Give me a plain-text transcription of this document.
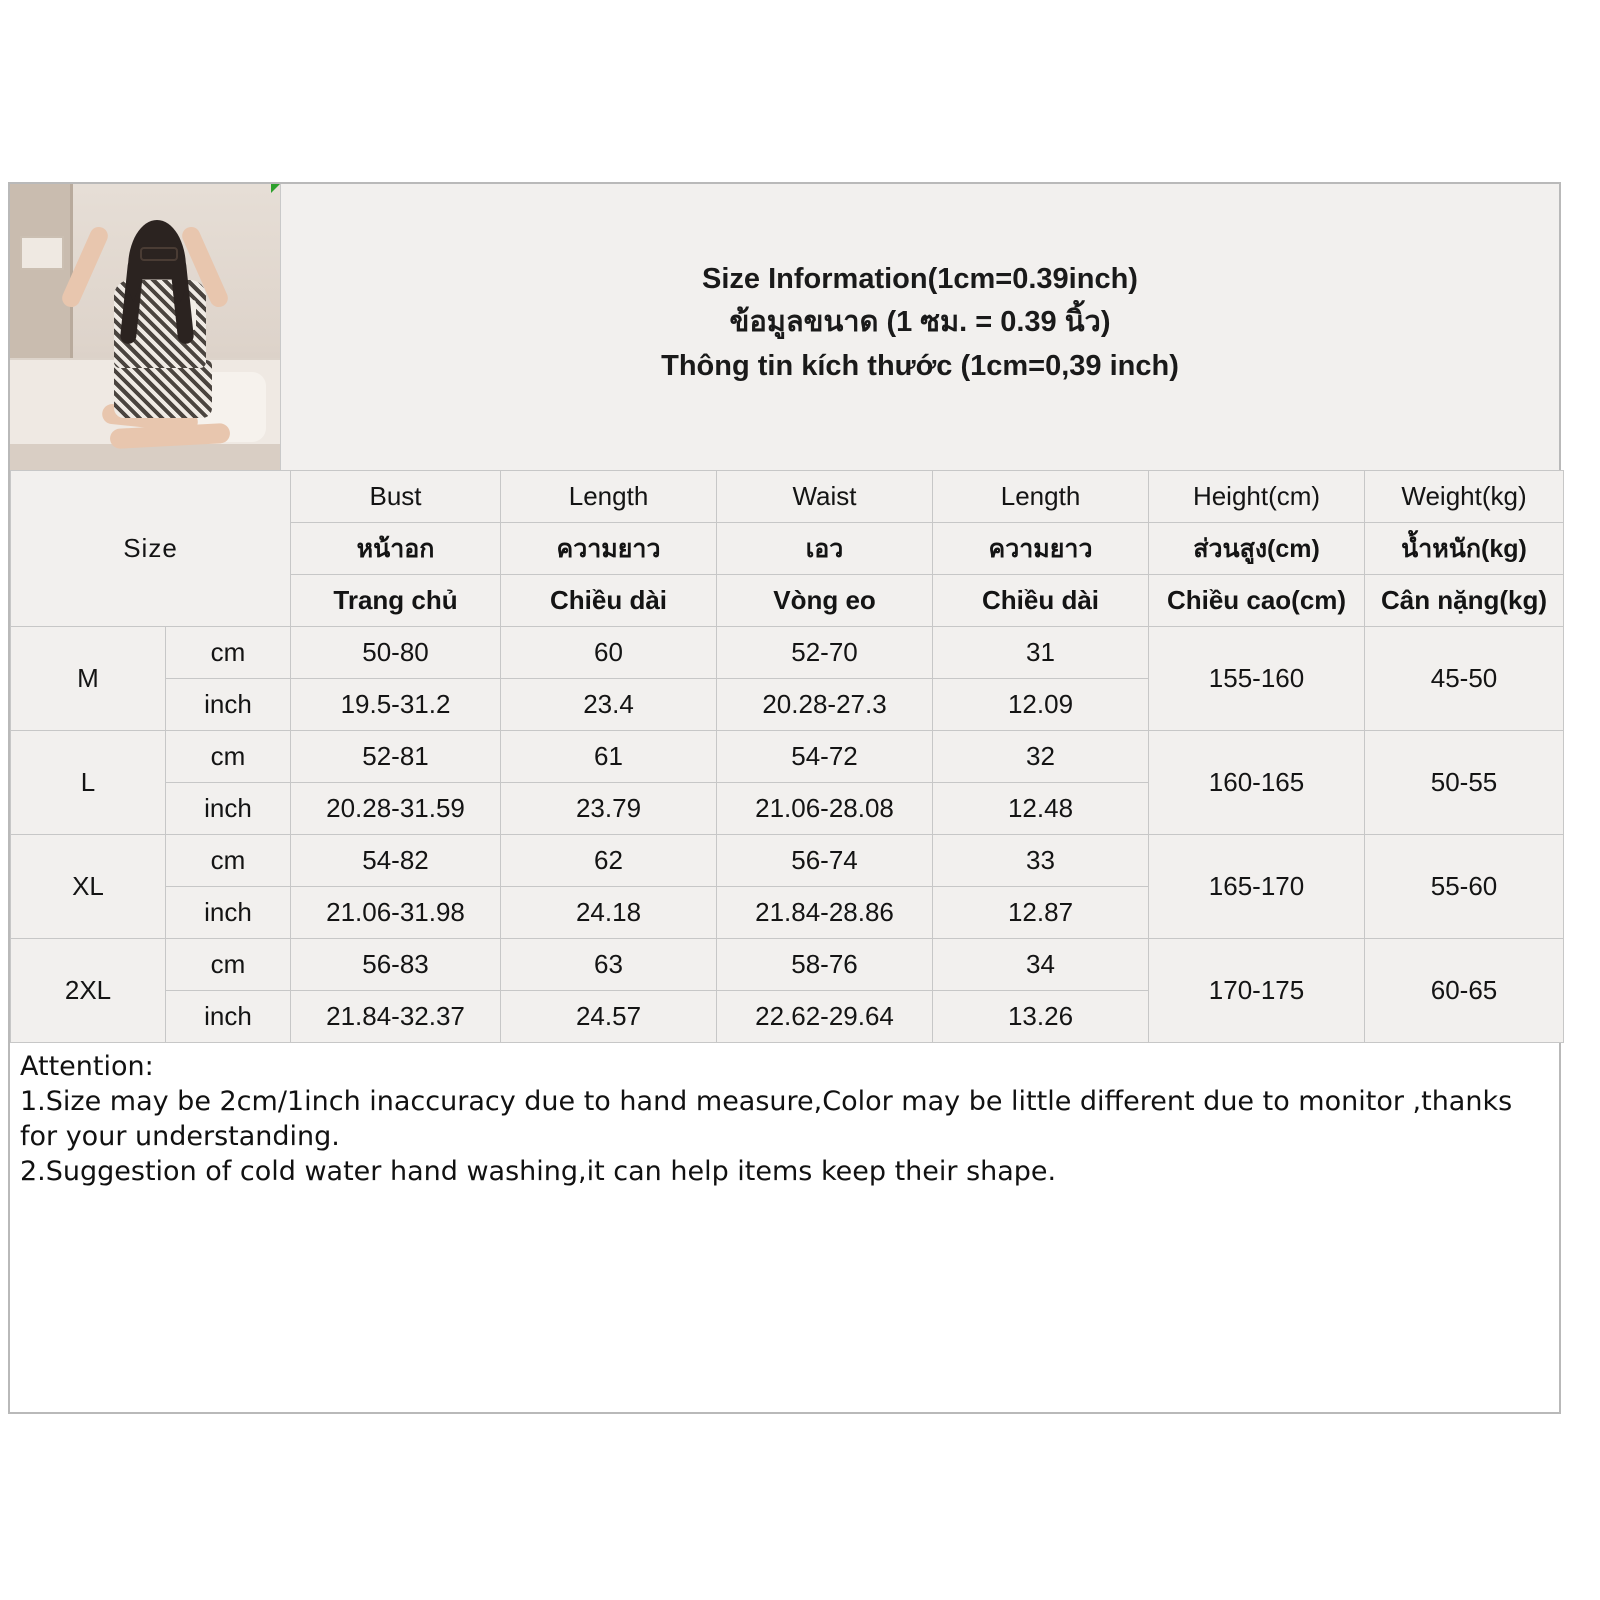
Size Information(1cm=0.39inch)
ข้อมูลขนาด (1 ซม. = 0.39 นิ้ว)
Thông tin kích thước (1cm=0,39 inch)
Size		Bust	Length	Waist	Length	Height(cm)	Weight(kg)
		หน้าอก	ความยาว	เอว	ความยาว	ส่วนสูง(cm)	น้ำหนัก(kg)
		Trang chủ	Chiều dài	Vòng eo	Chiều dài	Chiều cao(cm)	Cân nặng(kg)
M	cm	50-80	60	52-70	31	155-160	45-50
	inch	19.5-31.2	23.4	20.28-27.3	12.09		
L	cm	52-81	61	54-72	32	160-165	50-55
	inch	20.28-31.59	23.79	21.06-28.08	12.48		
XL	cm	54-82	62	56-74	33	165-170	55-60
	inch	21.06-31.98	24.18	21.84-28.86	12.87		
2XL	cm	56-83	63	58-76	34	170-175	60-65
	inch	21.84-32.37	24.57	22.62-29.64	13.26		

Attention:

1.Size may be 2cm/1inch inaccuracy due to hand measure,Color may be little different due to monitor ,thanks for your understanding.

2.Suggestion of cold water hand washing,it can help items keep their shape.
